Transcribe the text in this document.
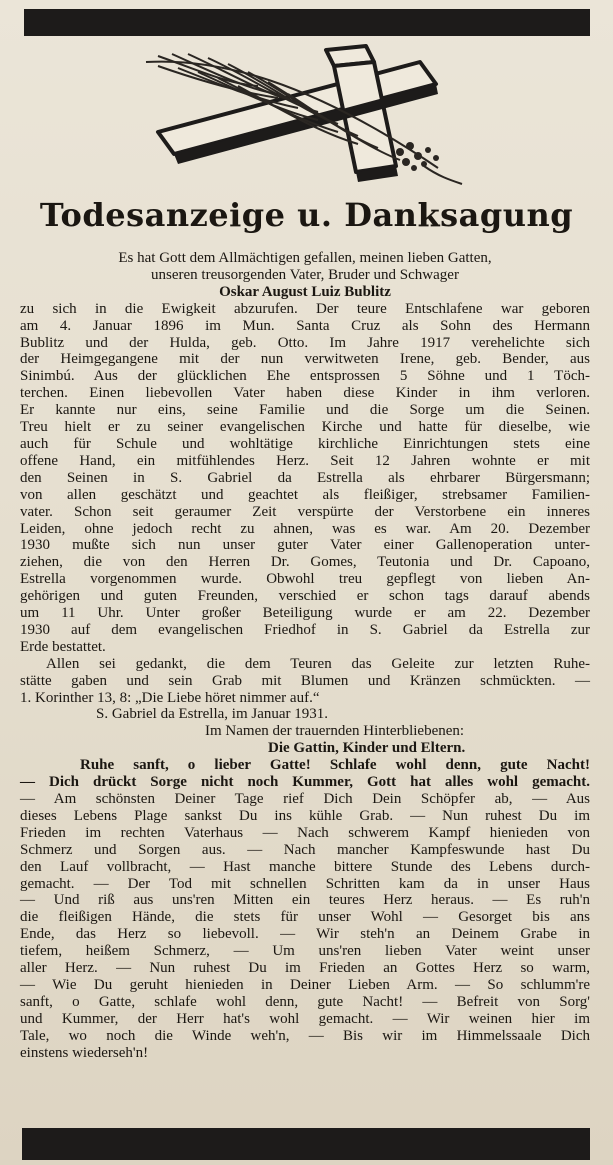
Todesanzeige u. Danksagung
Es hat Gott dem Allmächtigen gefallen, meinen lieben Gatten,
unseren treusorgenden Vater, Bruder und Schwager
Oskar August Luiz Bublitz
zu sich in die Ewigkeit abzurufen. Der teure Entschlafene war geboren
am 4. Januar 1896 im Mun. Santa Cruz als Sohn des Hermann
Bublitz und der Hulda, geb. Otto. Im Jahre 1917 verehelichte sich
der Heimgegangene mit der nun verwitweten Irene, geb. Bender, aus
Sinimbú. Aus der glücklichen Ehe entsprossen 5 Söhne und 1 Töch-
terchen. Einen liebevollen Vater haben diese Kinder in ihm verloren.
Er kannte nur eins, seine Familie und die Sorge um die Seinen.
Treu hielt er zu seiner evangelischen Kirche und hatte für dieselbe, wie
auch für Schule und wohltätige kirchliche Einrichtungen stets eine
offene Hand, ein mitfühlendes Herz. Seit 12 Jahren wohnte er mit
den Seinen in S. Gabriel da Estrella als ehrbarer Bürgersmann;
von allen geschätzt und geachtet als fleißiger, strebsamer Familien-
vater. Schon seit geraumer Zeit verspürte der Verstorbene ein inneres
Leiden, ohne jedoch recht zu ahnen, was es war. Am 20. Dezember
1930 mußte sich nun unser guter Vater einer Gallenoperation unter-
ziehen, die von den Herren Dr. Gomes, Teutonia und Dr. Capoano,
Estrella vorgenommen wurde. Obwohl treu gepflegt von lieben An-
gehörigen und guten Freunden, verschied er schon tags darauf abends
um 11 Uhr. Unter großer Beteiligung wurde er am 22. Dezember
1930 auf dem evangelischen Friedhof in S. Gabriel da Estrella zur
Erde bestattet.
Allen sei gedankt, die dem Teuren das Geleite zur letzten Ruhe-
stätte gaben und sein Grab mit Blumen und Kränzen schmückten. —
1. Korinther 13, 8: „Die Liebe höret nimmer auf.“
S. Gabriel da Estrella, im Januar 1931.
Im Namen der trauernden Hinterbliebenen:
Die Gattin, Kinder und Eltern.
Ruhe sanft, o lieber Gatte! Schlafe wohl denn, gute Nacht!
— Dich drückt Sorge nicht noch Kummer, Gott hat alles wohl gemacht.
— Am schönsten Deiner Tage rief Dich Dein Schöpfer ab, — Aus
dieses Lebens Plage sankst Du ins kühle Grab. — Nun ruhest Du im
Frieden im rechten Vaterhaus — Nach schwerem Kampf hienieden von
Schmerz und Sorgen aus. — Nach mancher Kampfeswunde hast Du
den Lauf vollbracht, — Hast manche bittere Stunde des Lebens durch-
gemacht. — Der Tod mit schnellen Schritten kam da in unser Haus
— Und riß aus uns'ren Mitten ein teures Herz heraus. — Es ruh'n
die fleißigen Hände, die stets für unser Wohl — Gesorget bis ans
Ende, das Herz so liebevoll. — Wir steh'n an Deinem Grabe in
tiefem, heißem Schmerz, — Um uns'ren lieben Vater weint unser
aller Herz. — Nun ruhest Du im Frieden an Gottes Herz so warm,
— Wie Du geruht hienieden in Deiner Lieben Arm. — So schlumm're
sanft, o Gatte, schlafe wohl denn, gute Nacht! — Befreit von Sorg'
und Kummer, der Herr hat's wohl gemacht. — Wir weinen hier im
Tale, wo noch die Winde weh'n, — Bis wir im Himmelssaale Dich
einstens wiederseh'n!
